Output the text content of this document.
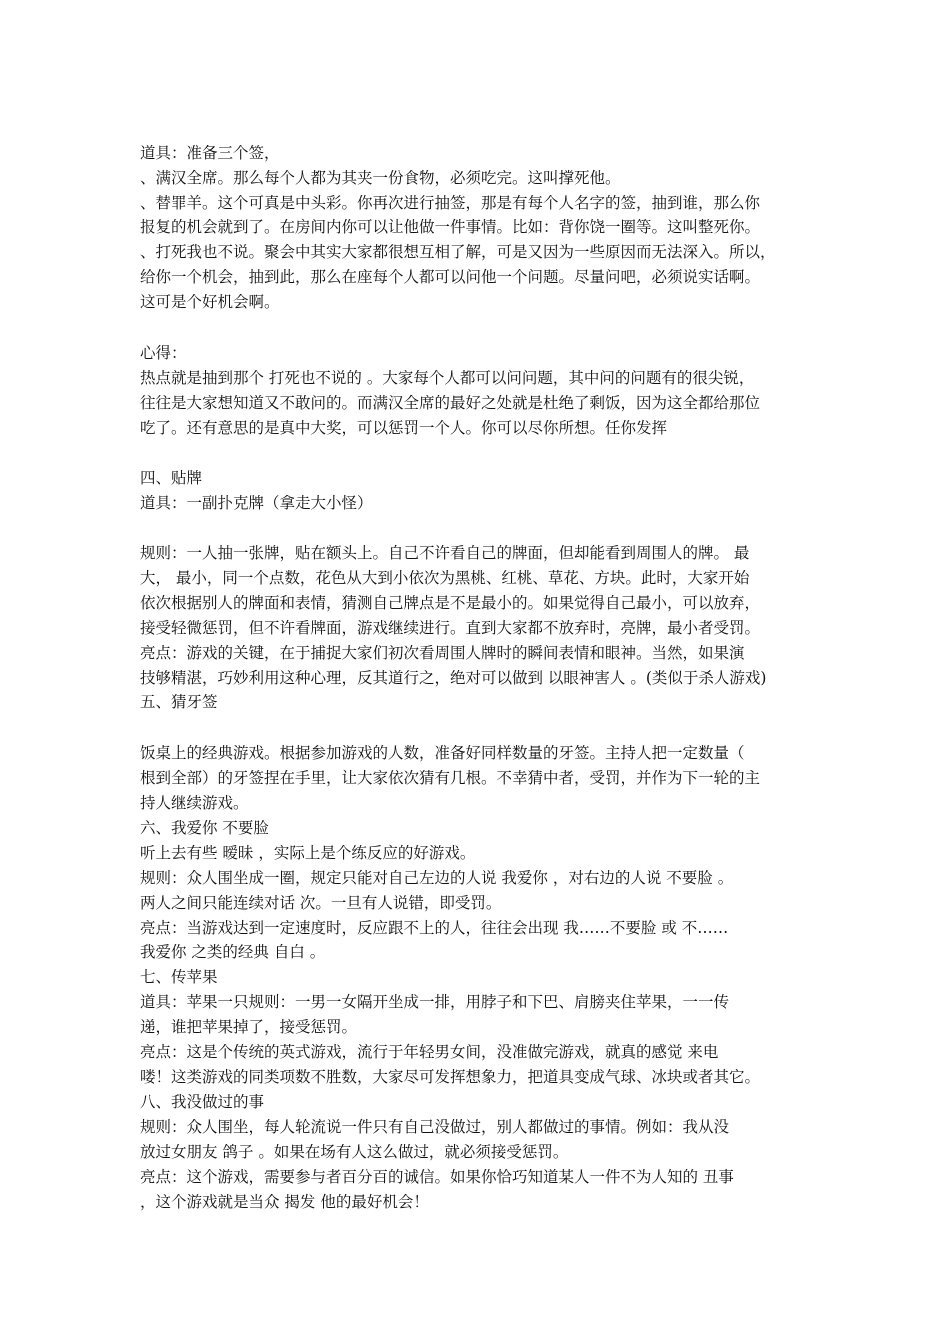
道具：准备三个签，
、满汉全席。那么每个人都为其夹一份食物，必须吃完。这叫撑死他。
、替罪羊。这个可真是中头彩。你再次进行抽签，那是有每个人名字的签，抽到谁，那么你
报复的机会就到了。在房间内你可以让他做一件事情。比如：背你饶一圈等。这叫整死你。
、打死我也不说。聚会中其实大家都很想互相了解，可是又因为一些原因而无法深入。所以，
给你一个机会，抽到此，那么在座每个人都可以问他一个问题。尽量问吧，必须说实话啊。
这可是个好机会啊。
心得：
热点就是抽到那个 打死也不说的 。大家每个人都可以问问题，其中问的问题有的很尖锐，
往往是大家想知道又不敢问的。而满汉全席的最好之处就是杜绝了剩饭，因为这全都给那位
吃了。还有意思的是真中大奖，可以惩罚一个人。你可以尽你所想。任你发挥
四、贴牌
道具：一副扑克牌（拿走大小怪）
规则：一人抽一张牌，贴在额头上。自己不许看自己的牌面，但却能看到周围人的牌。 最
大， 最小，同一个点数，花色从大到小依次为黑桃、红桃、草花、方块。此时，大家开始
依次根据别人的牌面和表情，猜测自己牌点是不是最小的。如果觉得自己最小，可以放弃，
接受轻微惩罚，但不许看牌面，游戏继续进行。直到大家都不放弃时，亮牌，最小者受罚。
亮点：游戏的关键，在于捕捉大家们初次看周围人牌时的瞬间表情和眼神。当然，如果演
技够精湛，巧妙利用这种心理，反其道行之，绝对可以做到 以眼神害人 。(类似于杀人游戏)
五、猜牙签
饭桌上的经典游戏。根据参加游戏的人数，准备好同样数量的牙签。主持人把一定数量（
根到全部）的牙签捏在手里，让大家依次猜有几根。不幸猜中者，受罚，并作为下一轮的主
持人继续游戏。
六、我爱你 不要脸
听上去有些 暧昧 ，实际上是个练反应的好游戏。
规则：众人围坐成一圈，规定只能对自己左边的人说 我爱你 ，对右边的人说 不要脸 。
两人之间只能连续对话 次。一旦有人说错，即受罚。
亮点：当游戏达到一定速度时，反应跟不上的人，往往会出现 我……不要脸 或 不……
我爱你 之类的经典 自白 。
七、传苹果
道具：苹果一只规则：一男一女隔开坐成一排，用脖子和下巴、肩膀夹住苹果，一一传
递，谁把苹果掉了，接受惩罚。
亮点：这是个传统的英式游戏，流行于年轻男女间，没准做完游戏，就真的感觉 来电
喽！这类游戏的同类项数不胜数，大家尽可发挥想象力，把道具变成气球、冰块或者其它。
八、我没做过的事
规则：众人围坐，每人轮流说一件只有自己没做过，别人都做过的事情。例如：我从没
放过女朋友 鸽子 。如果在场有人这么做过，就必须接受惩罚。
亮点：这个游戏，需要参与者百分百的诚信。如果你恰巧知道某人一件不为人知的 丑事
，这个游戏就是当众 揭发 他的最好机会！
